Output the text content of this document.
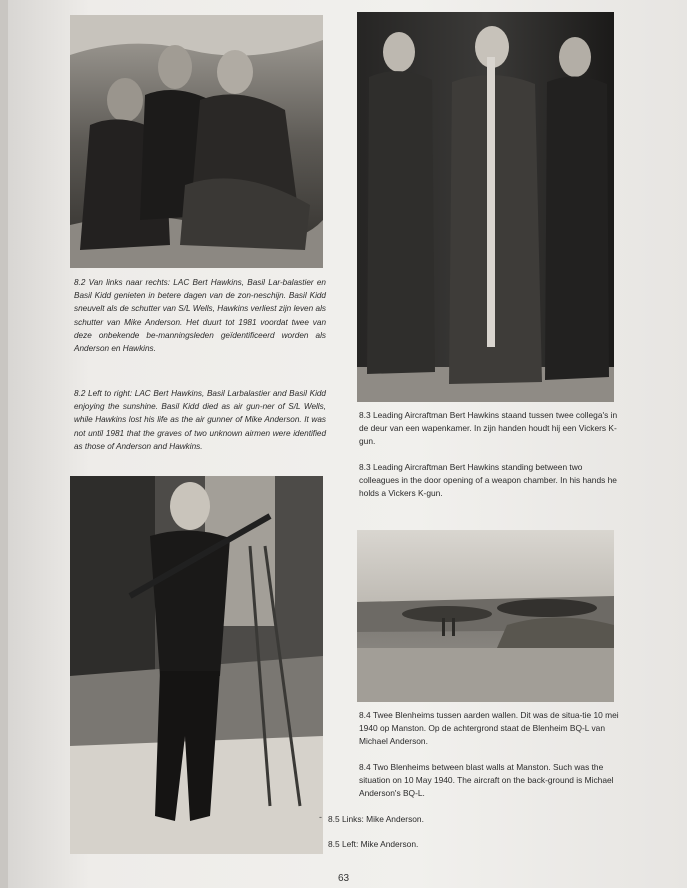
8.2 Van links naar rechts: LAC Bert Hawkins, Basil Lar-balastier en Basil Kidd genieten in betere dagen van de zon-neschijn. Basil Kidd sneuvelt als de schutter van S/L Wells, Hawkins verliest zijn leven als schutter van Mike Anderson. Het duurt tot 1981 voordat twee van deze onbekende be-manningsleden geïdentificeerd worden als Anderson en Hawkins.

8.2 Left to right: LAC Bert Hawkins, Basil Larbalastier and Basil Kidd enjoying the sunshine. Basil Kidd died as air gun-ner of S/L Wells, while Hawkins lost his life as the air gunner of Mike Anderson. It was not until 1981 that the graves of two unknown airmen were identified as those of Anderson and Hawkins.

8.3 Leading Aircraftman Bert Hawkins staand tussen twee collega's in de deur van een wapenkamer. In zijn handen houdt hij een Vickers K-gun.

8.3 Leading Aircraftman Bert Hawkins standing between two colleagues in the door opening of a weapon chamber. In his hands he holds a Vickers K-gun.

8.4 Twee Blenheims tussen aarden wallen. Dit was de situa-tie 10 mei 1940 op Manston. Op de achtergrond staat de Blenheim BQ-L van Michael Anderson.

8.4 Two Blenheims between blast walls at Manston. Such was the situation on 10 May 1940. The aircraft on the back-ground is Michael Anderson's BQ-L.

- 8.5 Links: Mike Anderson.

8.5 Left: Mike Anderson.

63
